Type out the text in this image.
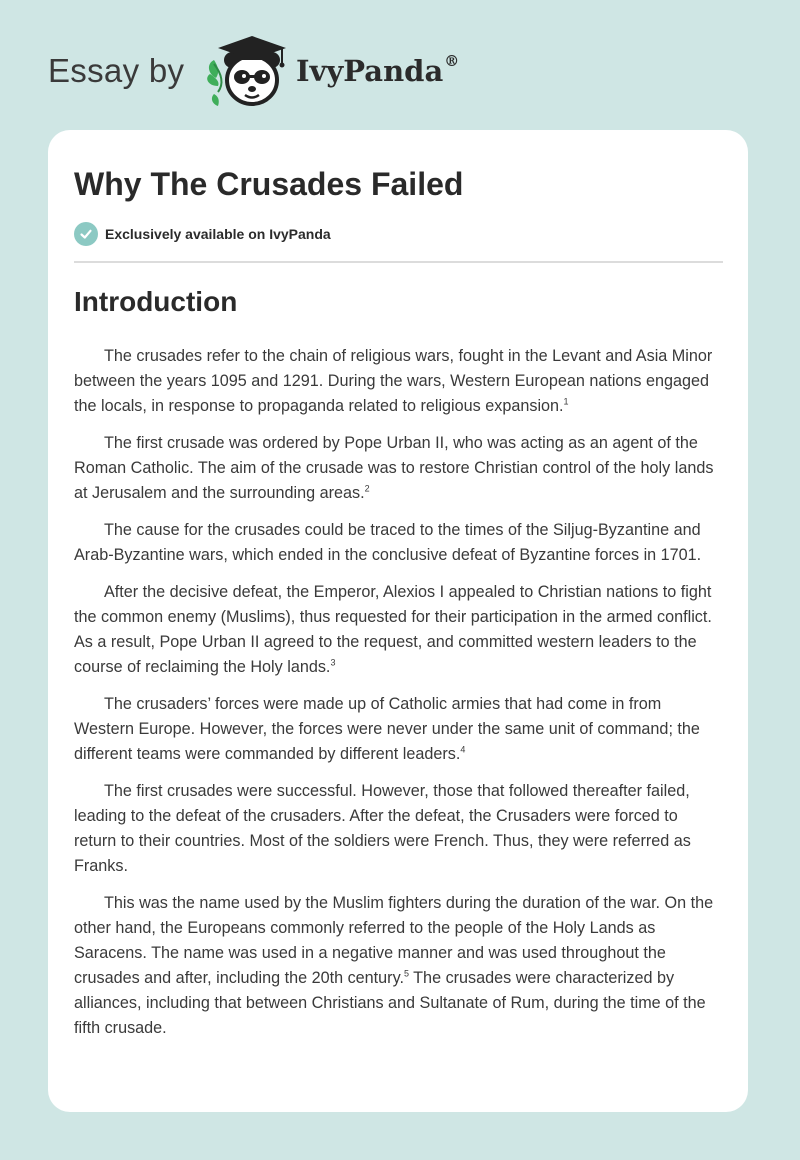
Essay by	IvyPanda®
Why The Crusades Failed
Exclusively available on IvyPanda
Introduction

The crusades refer to the chain of religious wars, fought in the Levant and Asia Minor between the years 1095 and 1291. During the wars, Western European nations engaged the locals, in response to propaganda related to religious expansion.$^1$

The first crusade was ordered by Pope Urban II, who was acting as an agent of the Roman Catholic. The aim of the crusade was to restore Christian control of the holy lands at Jerusalem and the surrounding areas.$^2$

The cause for the crusades could be traced to the times of the Siljug-Byzantine and Arab-Byzantine wars, which ended in the conclusive defeat of Byzantine forces in 1701.

After the decisive defeat, the Emperor, Alexios I appealed to Christian nations to fight the common enemy (Muslims), thus requested for their participation in the armed conflict. As a result, Pope Urban II agreed to the request, and committed western leaders to the course of reclaiming the Holy lands.$^3$

The crusaders’ forces were made up of Catholic armies that had come in from Western Europe. However, the forces were never under the same unit of command; the different teams were commanded by different leaders.$^4$

The first crusades were successful. However, those that followed thereafter failed, leading to the defeat of the crusaders. After the defeat, the Crusaders were forced to return to their countries. Most of the soldiers were French. Thus, they were referred as Franks.

This was the name used by the Muslim fighters during the duration of the war. On the other hand, the Europeans commonly referred to the people of the Holy Lands as Saracens. The name was used in a negative manner and was used throughout the crusades and after, including the 20th century.$^5$ The crusades were characterized by alliances, including that between Christians and Sultanate of Rum, during the time of the fifth crusade.
